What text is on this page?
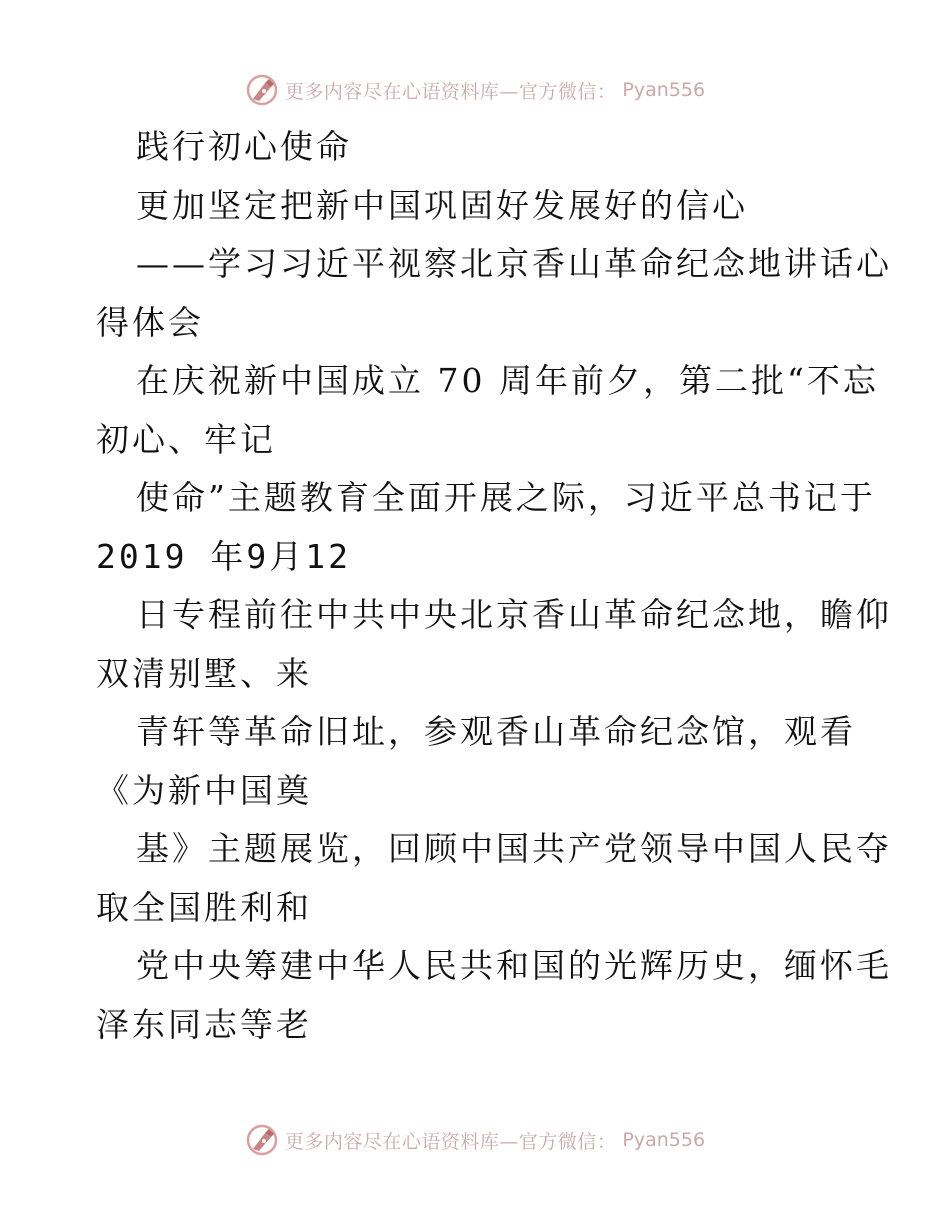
更多内容尽在心语资料库—官方微信： Pyan556
践行初心使命
更加坚定把新中国巩固好发展好的信心
——学习习近平视察北京香山革命纪念地讲话心
得体会
在庆祝新中国成立 70 周年前夕，第二批“不忘
初心、牢记
使命”主题教育全面开展之际，习近平总书记于
2019 年9月12
日专程前往中共中央北京香山革命纪念地，瞻仰
双清别墅、来
青轩等革命旧址，参观香山革命纪念馆，观看
《为新中国奠
基》主题展览，回顾中国共产党领导中国人民夺
取全国胜利和
党中央筹建中华人民共和国的光辉历史，缅怀毛
泽东同志等老
更多内容尽在心语资料库—官方微信： Pyan556
